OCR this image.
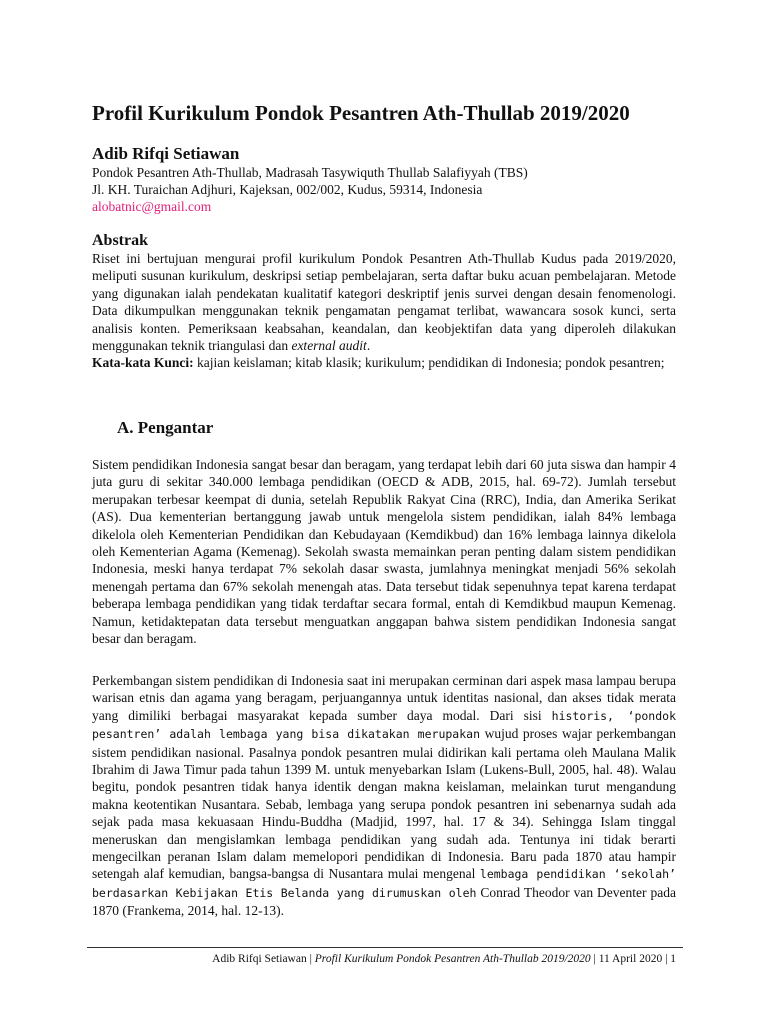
Profil Kurikulum Pondok Pesantren Ath-Thullab 2019/2020
Adib Rifqi Setiawan
Pondok Pesantren Ath-Thullab, Madrasah Tasywiquth Thullab Salafiyyah (TBS)
Jl. KH. Turaichan Adjhuri, Kajeksan, 002/002, Kudus, 59314, Indonesia
alobatnic@gmail.com
Abstrak

Riset ini bertujuan mengurai profil kurikulum Pondok Pesantren Ath-Thullab Kudus pada 2019/2020, meliputi susunan kurikulum, deskripsi setiap pembelajaran, serta daftar buku acuan pembelajaran. Metode yang digunakan ialah pendekatan kualitatif kategori deskriptif jenis survei dengan desain fenomenologi. Data dikumpulkan menggunakan teknik pengamatan pengamat terlibat, wawancara sosok kunci, serta analisis konten. Pemeriksaan keabsahan, keandalan, dan keobjektifan data yang diperoleh dilakukan menggunakan teknik triangulasi dan external audit.
Kata-kata Kunci: kajian keislaman; kitab klasik; kurikulum; pendidikan di Indonesia; pondok pesantren;

A. Pengantar

Sistem pendidikan Indonesia sangat besar dan beragam, yang terdapat lebih dari 60 juta siswa dan hampir 4 juta guru di sekitar 340.000 lembaga pendidikan (OECD & ADB, 2015, hal. 69-72). Jumlah tersebut merupakan terbesar keempat di dunia, setelah Republik Rakyat Cina (RRC), India, dan Amerika Serikat (AS). Dua kementerian bertanggung jawab untuk mengelola sistem pendidikan, ialah 84% lembaga dikelola oleh Kementerian Pendidikan dan Kebudayaan (Kemdikbud) dan 16% lembaga lainnya dikelola oleh Kementerian Agama (Kemenag). Sekolah swasta memainkan peran penting dalam sistem pendidikan Indonesia, meski hanya terdapat 7% sekolah dasar swasta, jumlahnya meningkat menjadi 56% sekolah menengah pertama dan 67% sekolah menengah atas. Data tersebut tidak sepenuhnya tepat karena terdapat beberapa lembaga pendidikan yang tidak terdaftar secara formal, entah di Kemdikbud maupun Kemenag. Namun, ketidaktepatan data tersebut menguatkan anggapan bahwa sistem pendidikan Indonesia sangat besar dan beragam.

Perkembangan sistem pendidikan di Indonesia saat ini merupakan cerminan dari aspek masa lampau berupa warisan etnis dan agama yang beragam, perjuangannya untuk identitas nasional, dan akses tidak merata yang dimiliki berbagai masyarakat kepada sumber daya modal. Dari sisi historis, ‘pondok pesantren’ adalah lembaga yang bisa dikatakan merupakan wujud proses wajar perkembangan sistem pendidikan nasional. Pasalnya pondok pesantren mulai didirikan kali pertama oleh Maulana Malik Ibrahim di Jawa Timur pada tahun 1399 M. untuk menyebarkan Islam (Lukens-Bull, 2005, hal. 48). Walau begitu, pondok pesantren tidak hanya identik dengan makna keislaman, melainkan turut mengandung makna keotentikan Nusantara. Sebab, lembaga yang serupa pondok pesantren ini sebenarnya sudah ada sejak pada masa kekuasaan Hindu-Buddha (Madjid, 1997, hal. 17 & 34). Sehingga Islam tinggal meneruskan dan mengislamkan lembaga pendidikan yang sudah ada. Tentunya ini tidak berarti mengecilkan peranan Islam dalam memelopori pendidikan di Indonesia. Baru pada 1870 atau hampir setengah alaf kemudian, bangsa-bangsa di Nusantara mulai mengenal lembaga pendidikan ‘sekolah’ berdasarkan Kebijakan Etis Belanda yang dirumuskan oleh Conrad Theodor van Deventer pada 1870 (Frankema, 2014, hal. 12-13).

Adib Rifqi Setiawan | Profil Kurikulum Pondok Pesantren Ath-Thullab 2019/2020 | 11 April 2020 | 1
